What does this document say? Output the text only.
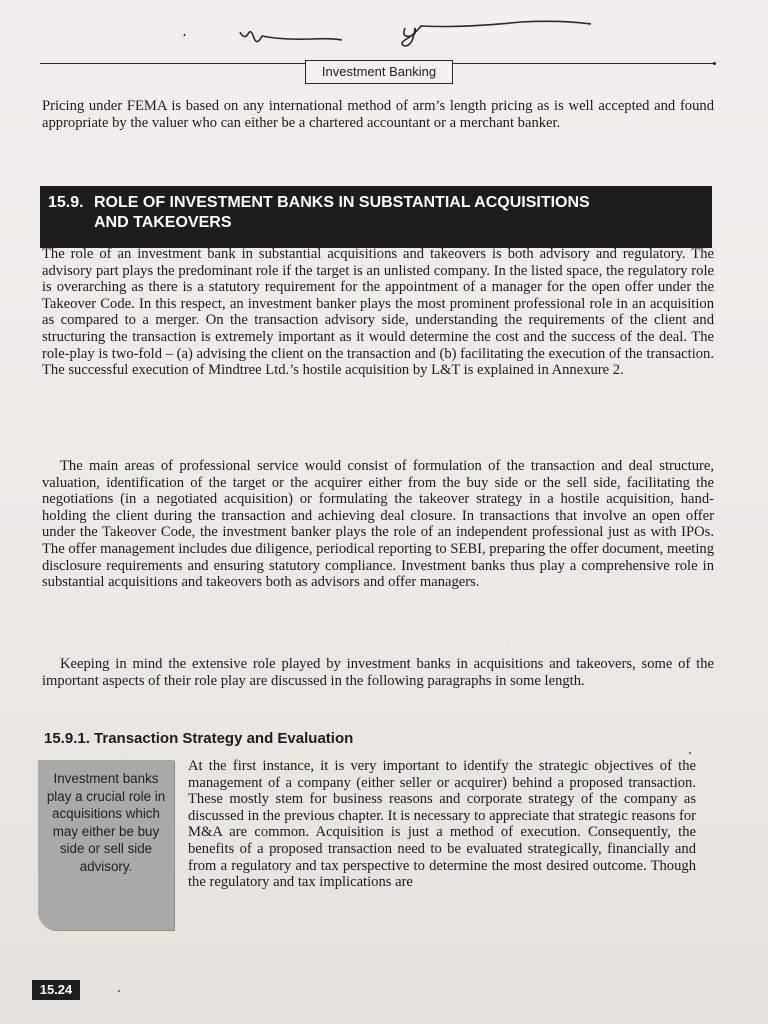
Investment Banking

Pricing under FEMA is based on any international method of arm’s length pricing as is well accepted and found appropriate by the valuer who can either be a chartered accountant or a merchant banker.

15.9. ROLE OF INVESTMENT BANKS IN SUBSTANTIAL ACQUISITIONS
AND TAKEOVERS

The role of an investment bank in substantial acquisitions and takeovers is both advisory and regulatory. The advisory part plays the predominant role if the target is an unlisted company. In the listed space, the regulatory role is overarching as there is a statutory requirement for the appointment of a manager for the open offer under the Takeover Code. In this respect, an investment banker plays the most prominent professional role in an acquisition as compared to a merger. On the transaction advisory side, understanding the requirements of the client and structuring the transaction is extremely important as it would determine the cost and the success of the deal. The role-play is two-fold – (a) advising the client on the transaction and (b) facilitating the execution of the transaction. The successful execution of Mindtree Ltd.’s hostile acquisition by L&T is explained in Annexure 2.

The main areas of professional service would consist of formulation of the transaction and deal structure, valuation, identification of the target or the acquirer either from the buy side or the sell side, facilitating the negotiations (in a negotiated acquisition) or formulating the takeover strategy in a hostile acquisition, hand- holding the client during the transaction and achieving deal closure. In transactions that involve an open offer under the Takeover Code, the investment banker plays the role of an independent professional just as with IPOs. The offer management includes due diligence, periodical reporting to SEBI, preparing the offer document, meeting disclosure requirements and ensuring statutory compliance. Investment banks thus play a comprehensive role in substantial acquisitions and takeovers both as advisors and offer managers.

Keeping in mind the extensive role played by investment banks in acquisitions and takeovers, some of the important aspects of their role play are discussed in the following paragraphs in some length.

15.9.1. Transaction Strategy and Evaluation
Investment banks play a crucial role in acquisitions which may either be buy side or sell side advisory.

At the first instance, it is very important to identify the strategic objectives of the management of a company (either seller or acquirer) behind a proposed transaction. These mostly stem for business reasons and corporate strategy of the company as discussed in the previous chapter. It is necessary to appreciate that strategic reasons for M&A are common. Acquisition is just a method of execution. Consequently, the benefits of a proposed transaction need to be evaluated strategically, financially and from a regulatory and tax perspective to determine the most desired outcome. Though the regulatory and tax implications are

15.24
